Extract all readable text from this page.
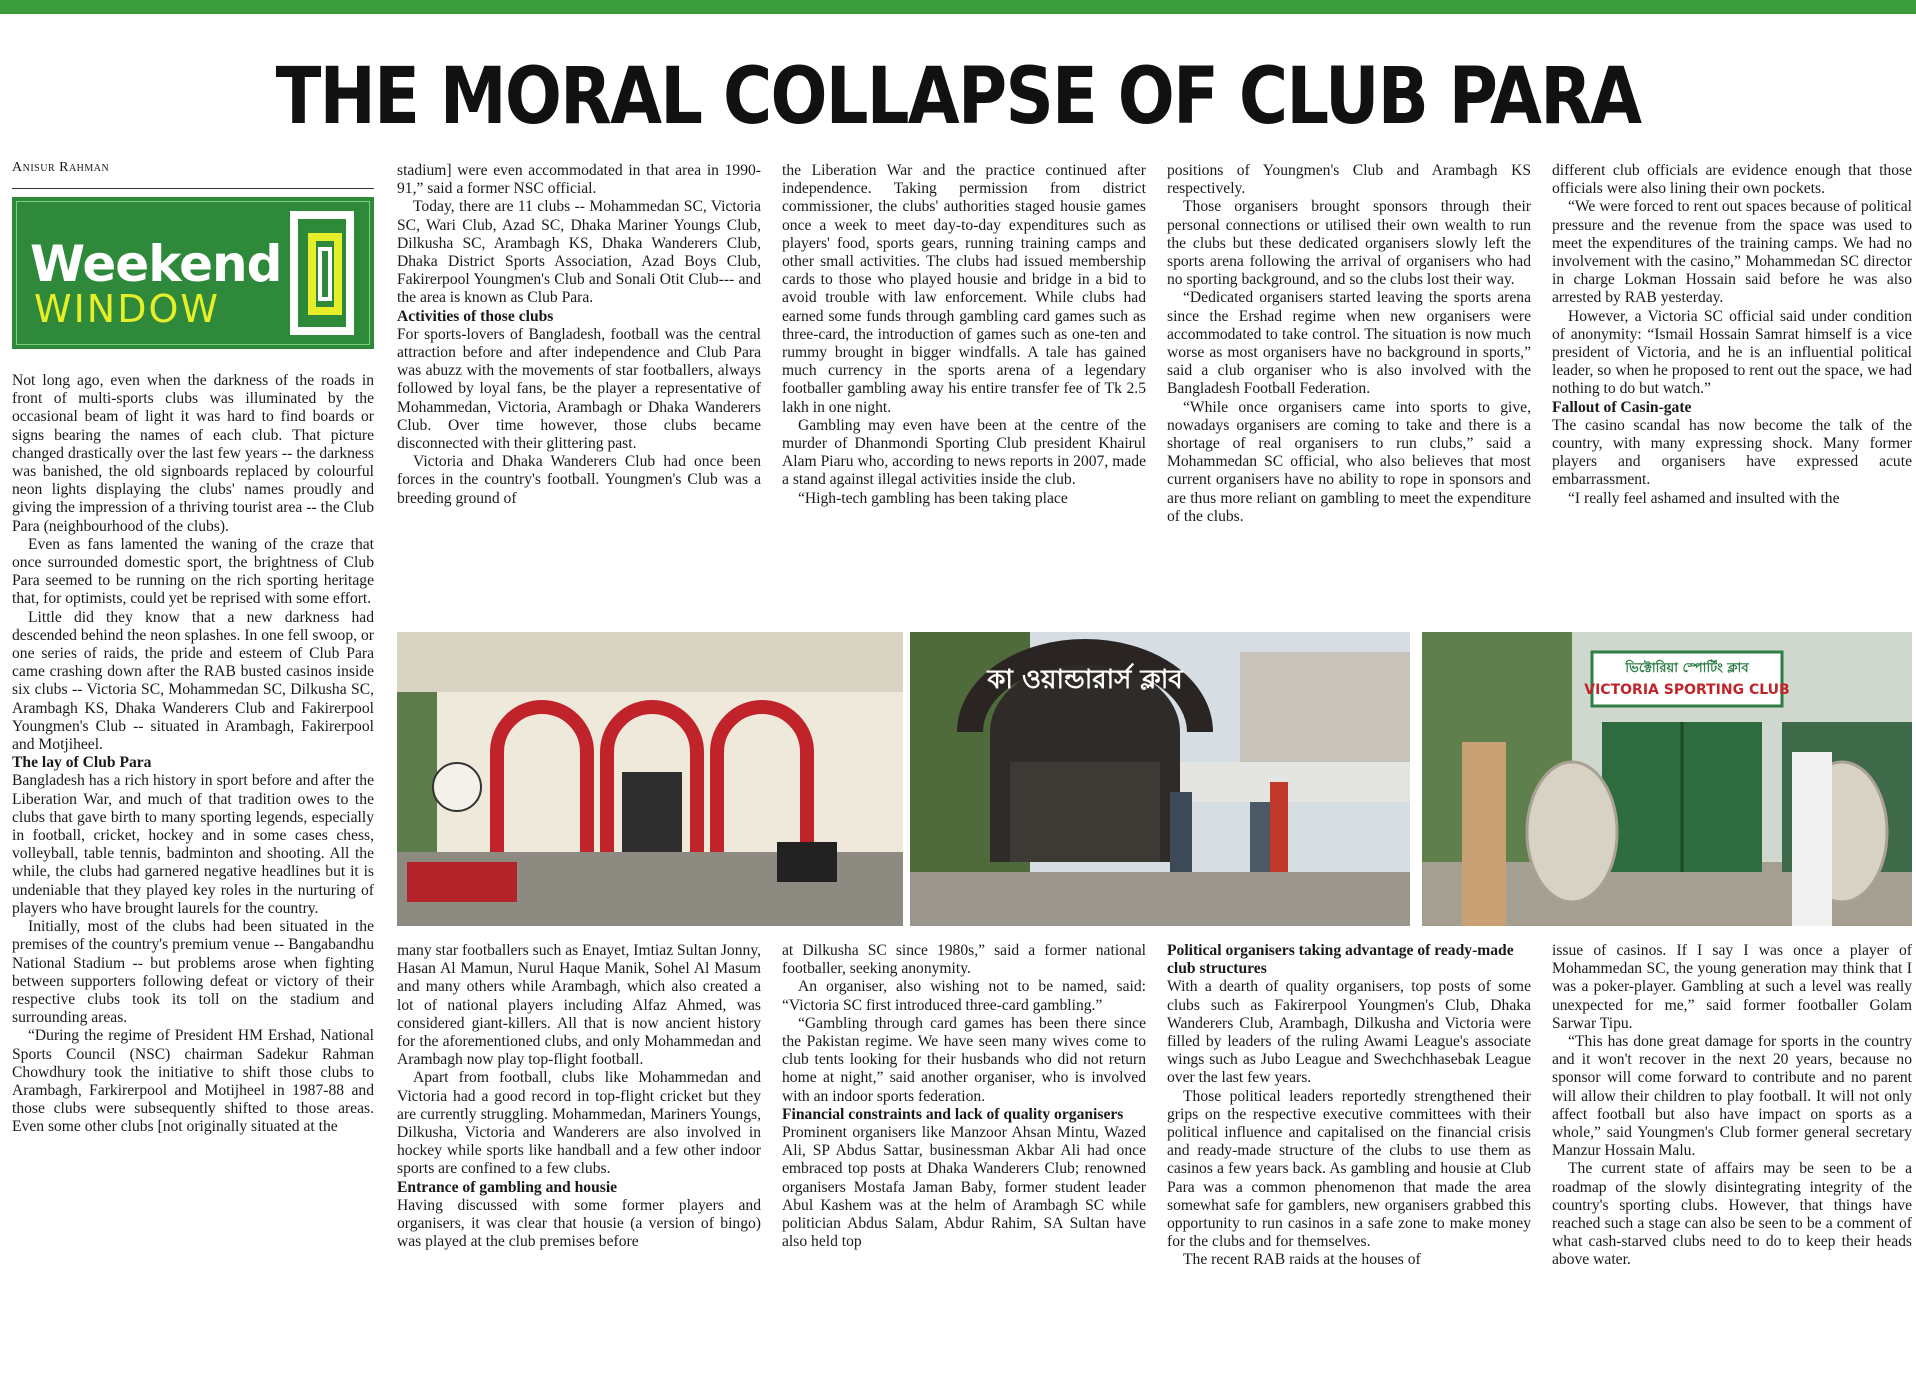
THE MORAL COLLAPSE OF CLUB PARA
Anisur Rahman
Weekend
WINDOW

Not long ago, even when the darkness of the roads in front of multi-sports clubs was illuminated by the occasional beam of light it was hard to find boards or signs bearing the names of each club. That picture changed drastically over the last few years -- the darkness was banished, the old signboards replaced by colourful neon lights displaying the clubs' names proudly and giving the impression of a thriving tourist area -- the Club Para (neighbourhood of the clubs).

Even as fans lamented the waning of the craze that once surrounded domestic sport, the brightness of Club Para seemed to be running on the rich sporting heritage that, for optimists, could yet be reprised with some effort.

Little did they know that a new darkness had descended behind the neon splashes. In one fell swoop, or one series of raids, the pride and esteem of Club Para came crashing down after the RAB busted casinos inside six clubs -- Victoria SC, Mohammedan SC, Dilkusha SC, Arambagh KS, Dhaka Wanderers Club and Fakirerpool Youngmen's Club -- situated in Arambagh, Fakirerpool and Motjiheel.

The lay of Club Para

Bangladesh has a rich history in sport before and after the Liberation War, and much of that tradition owes to the clubs that gave birth to many sporting legends, especially in football, cricket, hockey and in some cases chess, volleyball, table tennis, badminton and shooting. All the while, the clubs had garnered negative headlines but it is undeniable that they played key roles in the nurturing of players who have brought laurels for the country.

Initially, most of the clubs had been situated in the premises of the country's premium venue -- Bangabandhu National Stadium -- but problems arose when fighting between supporters following defeat or victory of their respective clubs took its toll on the stadium and surrounding areas.

“During the regime of President HM Ershad, National Sports Council (NSC) chairman Sadekur Rahman Chowdhury took the initiative to shift those clubs to Arambagh, Farkirerpool and Motijheel in 1987-88 and those clubs were subsequently shifted to those areas. Even some other clubs [not originally situated at the

stadium] were even accommodated in that area in 1990-91,” said a former NSC official.

Today, there are 11 clubs -- Mohammedan SC, Victoria SC, Wari Club, Azad SC, Dhaka Mariner Youngs Club, Dilkusha SC, Arambagh KS, Dhaka Wanderers Club, Dhaka District Sports Association, Azad Boys Club, Fakirerpool Youngmen's Club and Sonali Otit Club--- and the area is known as Club Para.

Activities of those clubs

For sports-lovers of Bangladesh, football was the central attraction before and after independence and Club Para was abuzz with the movements of star footballers, always followed by loyal fans, be the player a representative of Mohammedan, Victoria, Arambagh or Dhaka Wanderers Club. Over time however, those clubs became disconnected with their glittering past.

Victoria and Dhaka Wanderers Club had once been forces in the country's football. Youngmen's Club was a breeding ground of

the Liberation War and the practice continued after independence. Taking permission from district commissioner, the clubs' authorities staged housie games once a week to meet day-to-day expenditures such as players' food, sports gears, running training camps and other small activities. The clubs had issued membership cards to those who played housie and bridge in a bid to avoid trouble with law enforcement. While clubs had earned some funds through gambling card games such as three-card, the introduction of games such as one-ten and rummy brought in bigger windfalls. A tale has gained much currency in the sports arena of a legendary footballer gambling away his entire transfer fee of Tk 2.5 lakh in one night.

Gambling may even have been at the centre of the murder of Dhanmondi Sporting Club president Khairul Alam Piaru who, according to news reports in 2007, made a stand against illegal activities inside the club.

“High-tech gambling has been taking place

positions of Youngmen's Club and Arambagh KS respectively.

Those organisers brought sponsors through their personal connections or utilised their own wealth to run the clubs but these dedicated organisers slowly left the sports arena following the arrival of organisers who had no sporting background, and so the clubs lost their way.

“Dedicated organisers started leaving the sports arena since the Ershad regime when new organisers were accommodated to take control. The situation is now much worse as most organisers have no background in sports,” said a club organiser who is also involved with the Bangladesh Football Federation.

“While once organisers came into sports to give, nowadays organisers are coming to take and there is a shortage of real organisers to run clubs,” said a Mohammedan SC official, who also believes that most current organisers have no ability to rope in sponsors and are thus more reliant on gambling to meet the expenditure of the clubs.

different club officials are evidence enough that those officials were also lining their own pockets.

“We were forced to rent out spaces because of political pressure and the revenue from the space was used to meet the expenditures of the training camps. We had no involvement with the casino,” Mohammedan SC director in charge Lokman Hossain said before he was also arrested by RAB yesterday.

However, a Victoria SC official said under condition of anonymity: “Ismail Hossain Samrat himself is a vice president of Victoria, and he is an influential political leader, so when he proposed to rent out the space, we had nothing to do but watch.”

Fallout of Casin-gate

The casino scandal has now become the talk of the country, with many expressing shock. Many former players and organisers have expressed acute embarrassment.

“I really feel ashamed and insulted with the

কা ওয়ান্ডারার্স ক্লাব	ভিক্টোরিয়া স্পোর্টিং ক্লাব
VICTORIA SPORTING CLUB

many star footballers such as Enayet, Imtiaz Sultan Jonny, Hasan Al Mamun, Nurul Haque Manik, Sohel Al Masum and many others while Arambagh, which also created a lot of national players including Alfaz Ahmed, was considered giant-killers. All that is now ancient history for the aforementioned clubs, and only Mohammedan and Arambagh now play top-flight football.

Apart from football, clubs like Mohammedan and Victoria had a good record in top-flight cricket but they are currently struggling. Mohammedan, Mariners Youngs, Dilkusha, Victoria and Wanderers are also involved in hockey while sports like handball and a few other indoor sports are confined to a few clubs.

Entrance of gambling and housie

Having discussed with some former players and organisers, it was clear that housie (a version of bingo) was played at the club premises before

at Dilkusha SC since 1980s,” said a former national footballer, seeking anonymity.

An organiser, also wishing not to be named, said: “Victoria SC first introduced three-card gambling.”

“Gambling through card games has been there since the Pakistan regime. We have seen many wives come to club tents looking for their husbands who did not return home at night,” said another organiser, who is involved with an indoor sports federation.

Financial constraints and lack of quality organisers

Prominent organisers like Manzoor Ahsan Mintu, Wazed Ali, SP Abdus Sattar, businessman Akbar Ali had once embraced top posts at Dhaka Wanderers Club; renowned organisers Mostafa Jaman Baby, former student leader Abul Kashem was at the helm of Arambagh SC while politician Abdus Salam, Abdur Rahim, SA Sultan have also held top

Political organisers taking advantage of ready-made club structures

With a dearth of quality organisers, top posts of some clubs such as Fakirerpool Youngmen's Club, Dhaka Wanderers Club, Arambagh, Dilkusha and Victoria were filled by leaders of the ruling Awami League's associate wings such as Jubo League and Swechchhasebak League over the last few years.

Those political leaders reportedly strengthened their grips on the respective executive committees with their political influence and capitalised on the financial crisis and ready-made structure of the clubs to use them as casinos a few years back. As gambling and housie at Club Para was a common phenomenon that made the area somewhat safe for gamblers, new organisers grabbed this opportunity to run casinos in a safe zone to make money for the clubs and for themselves.

The recent RAB raids at the houses of

issue of casinos. If I say I was once a player of Mohammedan SC, the young generation may think that I was a poker-player. Gambling at such a level was really unexpected for me,” said former footballer Golam Sarwar Tipu.

“This has done great damage for sports in the country and it won't recover in the next 20 years, because no sponsor will come forward to contribute and no parent will allow their children to play football. It will not only affect football but also have impact on sports as a whole,” said Youngmen's Club former general secretary Manzur Hossain Malu.

The current state of affairs may be seen to be a roadmap of the slowly disintegrating integrity of the country's sporting clubs. However, that things have reached such a stage can also be seen to be a comment of what cash-starved clubs need to do to keep their heads above water.
